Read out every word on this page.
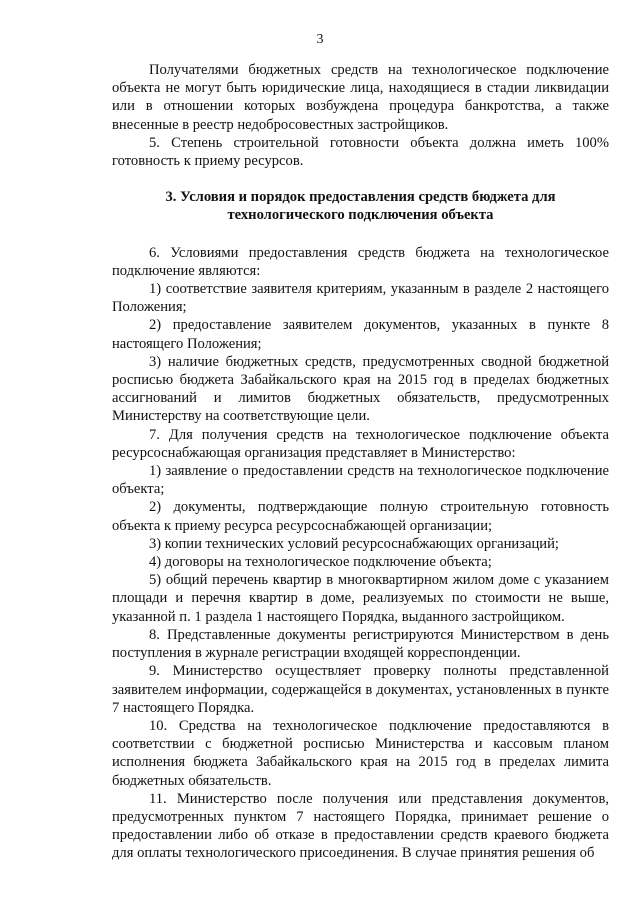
3

Получателями бюджетных средств на технологическое подключение объекта не могут быть юридические лица, находящиеся в стадии ликвидации или в отношении которых возбуждена процедура банкротства, а также внесенные в реестр недобросовестных застройщиков.

5. Степень строительной готовности объекта должна иметь 100% готовность к приему ресурсов.

3. Условия и порядок предоставления средств бюджета для
технологического подключения объекта

6. Условиями предоставления средств бюджета на технологическое подключение являются:

1) соответствие заявителя критериям, указанным в разделе 2 настоящего Положения;

2) предоставление заявителем документов, указанных в пункте 8 настоящего Положения;

3) наличие бюджетных средств, предусмотренных сводной бюджетной росписью бюджета Забайкальского края на 2015 год в пределах бюджетных ассигнований и лимитов бюджетных обязательств, предусмотренных Министерству на соответствующие цели.

7. Для получения средств на технологическое подключение объекта ресурсоснабжающая организация представляет в Министерство:

1) заявление о предоставлении средств на технологическое подключение объекта;

2) документы, подтверждающие полную строительную готовность объекта к приему ресурса ресурсоснабжающей организации;

3) копии технических условий ресурсоснабжающих организаций;

4) договоры на технологическое подключение объекта;

5) общий перечень квартир в многоквартирном жилом доме с указанием площади и перечня квартир в доме, реализуемых по стоимости не выше, указанной п. 1 раздела 1 настоящего Порядка, выданного застройщиком.

8. Представленные документы регистрируются Министерством в день поступления в журнале регистрации входящей корреспонденции.

9. Министерство осуществляет проверку полноты представленной заявителем информации, содержащейся в документах, установленных в пункте 7 настоящего Порядка.

10. Средства на технологическое подключение предоставляются в соответствии с бюджетной росписью Министерства и кассовым планом исполнения бюджета Забайкальского края на 2015 год в пределах лимита бюджетных обязательств.

11. Министерство после получения или представления документов, предусмотренных пунктом 7 настоящего Порядка, принимает решение о предоставлении либо об отказе в предоставлении средств краевого бюджета для оплаты технологического присоединения. В случае принятия решения об
